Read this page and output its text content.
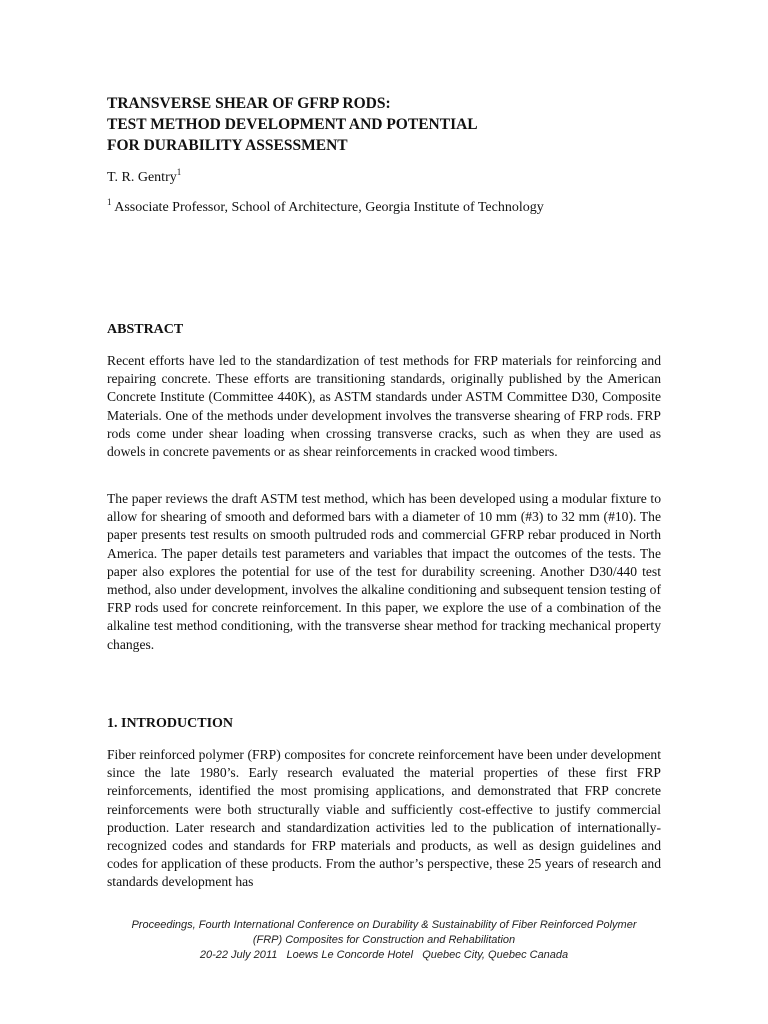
TRANSVERSE SHEAR OF GFRP RODS:
TEST METHOD DEVELOPMENT AND POTENTIAL
FOR DURABILITY ASSESSMENT
T. R. Gentry$^1$
$^1$ Associate Professor, School of Architecture, Georgia Institute of Technology
ABSTRACT

Recent efforts have led to the standardization of test methods for FRP materials for reinforcing and repairing concrete. These efforts are transitioning standards, originally published by the American Concrete Institute (Committee 440K), as ASTM standards under ASTM Committee D30, Composite Materials. One of the methods under development involves the transverse shearing of FRP rods. FRP rods come under shear loading when crossing transverse cracks, such as when they are used as dowels in concrete pavements or as shear reinforcements in cracked wood timbers.

The paper reviews the draft ASTM test method, which has been developed using a modular fixture to allow for shearing of smooth and deformed bars with a diameter of 10 mm (#3) to 32 mm (#10). The paper presents test results on smooth pultruded rods and commercial GFRP rebar produced in North America. The paper details test parameters and variables that impact the outcomes of the tests. The paper also explores the potential for use of the test for durability screening. Another D30/440 test method, also under development, involves the alkaline conditioning and subsequent tension testing of FRP rods used for concrete reinforcement. In this paper, we explore the use of a combination of the alkaline test method conditioning, with the transverse shear method for tracking mechanical property changes.

1. INTRODUCTION

Fiber reinforced polymer (FRP) composites for concrete reinforcement have been under development since the late 1980’s. Early research evaluated the material properties of these first FRP reinforcements, identified the most promising applications, and demonstrated that FRP concrete reinforcements were both structurally viable and sufficiently cost-effective to justify commercial production. Later research and standardization activities led to the publication of internationally-recognized codes and standards for FRP materials and products, as well as design guidelines and codes for application of these products. From the author’s perspective, these 25 years of research and standards development has

Proceedings, Fourth International Conference on Durability & Sustainability of Fiber Reinforced Polymer
(FRP) Composites for Construction and Rehabilitation
20-22 July 2011   Loews Le Concorde Hotel   Quebec City, Quebec Canada
